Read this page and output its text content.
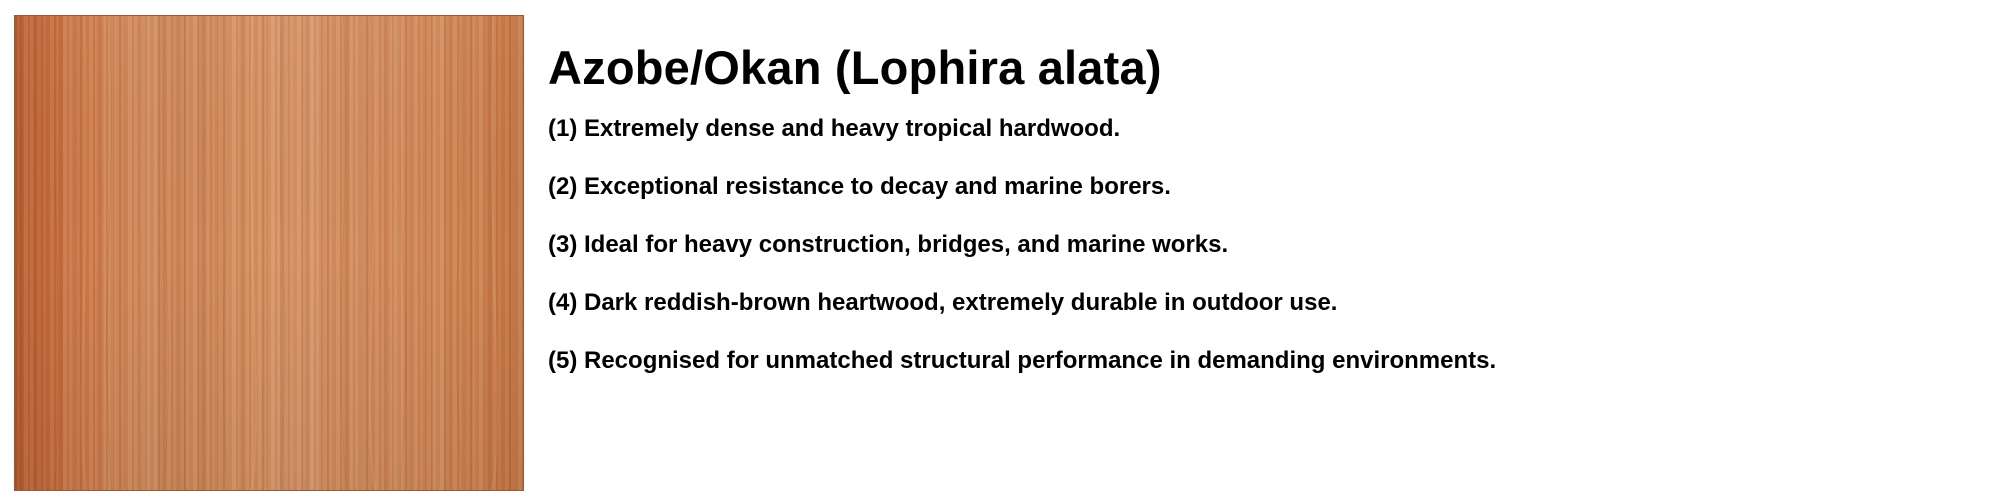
Azobe/Okan (Lophira alata)
(1) Extremely dense and heavy tropical hardwood.
(2) Exceptional resistance to decay and marine borers.
(3) Ideal for heavy construction, bridges, and marine works.
(4) Dark reddish-brown heartwood, extremely durable in outdoor use.
(5) Recognised for unmatched structural performance in demanding environments.
